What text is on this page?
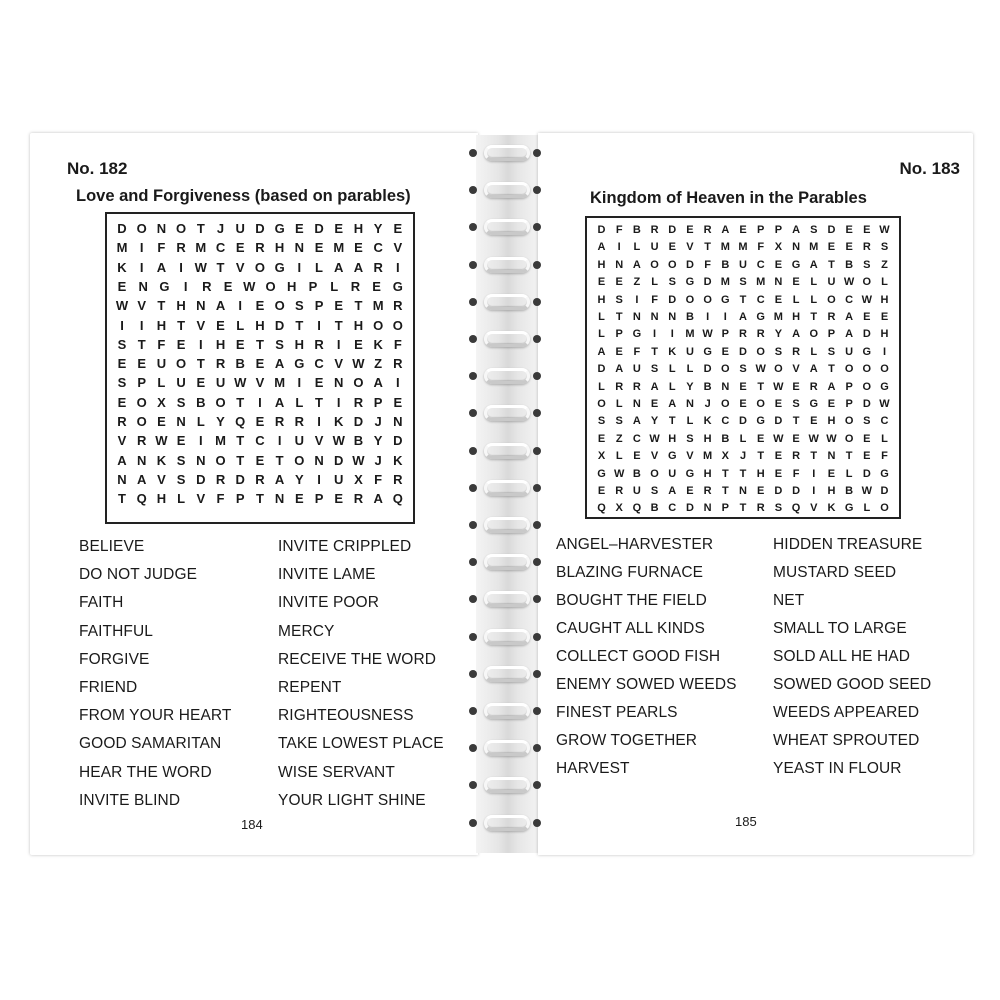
No. 182
Love and Forgiveness (based on parables)
D O N O T J U D G E D E H Y E
M I	F R M C E R H N E M E C V
K	I	A	I W T V O G I	L A A R	I
E N G	I	R E W O H P L R E G
W V T H N A	I	E O S P E T M R
I	I	H T V E L H D T	I	T H O O
S T F E	I	H E T S H R	I	E K F
E E U O T R B E A G C V W Z R
S P L U E U W V M I	E N O A	I
E O X S B O T	I	A L T	I	R P E
R O E N L Y Q E R R	I	K D J N
V R W E	I M T C	I	U V W B Y D
A N K S N O T E T O N D W J K
N A V S D R D R A Y	I	U X F R
T Q H L V F P T N E P E R A Q
BELIEVE
DO NOT JUDGE
FAITH
FAITHFUL
FORGIVE
FRIEND
FROM YOUR HEART
GOOD SAMARITAN
HEAR THE WORD
INVITE BLIND
INVITE CRIPPLED
INVITE LAME
INVITE POOR
MERCY
RECEIVE THE WORD
REPENT
RIGHTEOUSNESS
TAKE LOWEST PLACE
WISE SERVANT
YOUR LIGHT SHINE
184
No. 183
Kingdom of Heaven in the Parables
D F B R D E R A E P P A S D E E W
A	I	L U E V T M M F X N M E E R S
H N A O O D F B U C E G A T B S Z
E E Z L S G D M S M N E L U W O L
H S	I	F D O O G T C E L L O C W H
L T N N N B	I	I	A G M H T R A E E
L P G	I	I	M W P R R Y A O P A D H
A E F T K U G E D O S R L S U G	I
D A U S L L D O S W O V A T O O O
L R R A L Y B N E T W E R A P O G
O L N E A N J O E O E S G E P D W
S S A Y T L K C D G D T E H O S C
E Z C W H S H B L E W E W W O E L
X L E V G V M X J	T E R T N T E F
G W B O U G H T T H E F	I	E L D G
E R U S A E R T N E D D	I	H B W D
Q X Q B C D N P T R S Q V K G L O
ANGEL–HARVESTER
BLAZING FURNACE
BOUGHT THE FIELD
CAUGHT ALL KINDS
COLLECT GOOD FISH
ENEMY SOWED WEEDS
FINEST PEARLS
GROW TOGETHER
HARVEST
HIDDEN TREASURE
MUSTARD SEED
NET
SMALL TO LARGE
SOLD ALL HE HAD
SOWED GOOD SEED
WEEDS APPEARED
WHEAT SPROUTED
YEAST IN FLOUR
185
